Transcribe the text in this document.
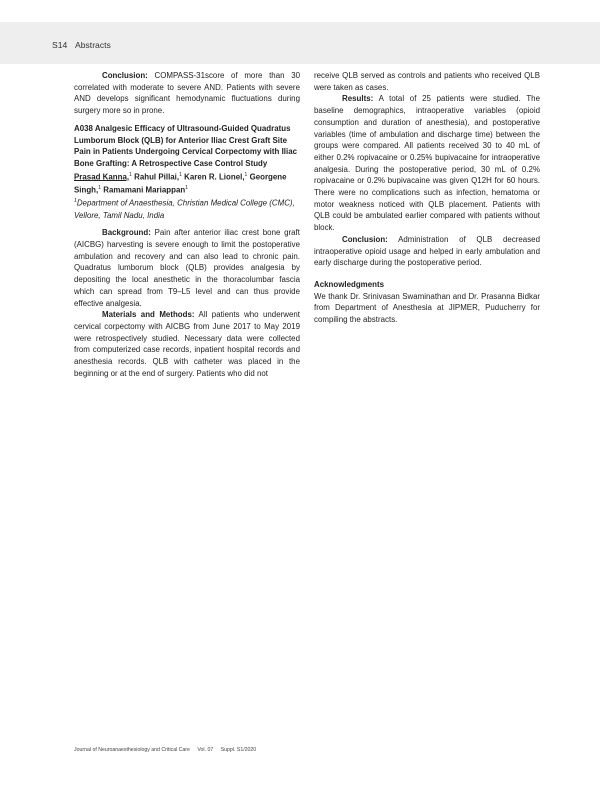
S14 Abstracts

Conclusion: COMPASS-31score of more than 30 correlated with moderate to severe AND. Patients with severe AND develops significant hemodynamic fluctuations during surgery more so in prone.

A038 Analgesic Efficacy of Ultrasound-Guided Quadratus Lumborum Block (QLB) for Anterior Iliac Crest Graft Site Pain in Patients Undergoing Cervical Corpectomy with Iliac Bone Grafting: A Retrospective Case Control Study

Prasad Kanna,$^1$ Rahul Pillai,$^1$ Karen R. Lionel,$^1$ Georgene Singh,$^1$ Ramamani Mariappan$^1$

$^1$Department of Anaesthesia, Christian Medical College (CMC), Vellore, Tamil Nadu, India

Background: Pain after anterior iliac crest bone graft (AICBG) harvesting is severe enough to limit the postoperative ambulation and recovery and can also lead to chronic pain. Quadratus lumborum block (QLB) provides analgesia by depositing the local anesthetic in the thoracolumbar fascia which can spread from T9–L5 level and can thus provide effective analgesia.

Materials and Methods: All patients who underwent cervical corpectomy with AICBG from June 2017 to May 2019 were retrospectively studied. Necessary data were collected from computerized case records, inpatient hospital records and anesthesia records. QLB with catheter was placed in the beginning or at the end of surgery. Patients who did not

receive QLB served as controls and patients who received QLB were taken as cases.

Results: A total of 25 patients were studied. The baseline demographics, intraoperative variables (opioid consumption and duration of anesthesia), and postoperative variables (time of ambulation and discharge time) between the groups were compared. All patients received 30 to 40 mL of either 0.2% ropivacaine or 0.25% bupivacaine for intraoperative analgesia. During the postoperative period, 30 mL of 0.2% ropivacaine or 0.2% bupivacaine was given Q12H for 60 hours. There were no complications such as infection, hematoma or motor weakness noticed with QLB placement. Patients with QLB could be ambulated earlier compared with patients without block.

Conclusion: Administration of QLB decreased intraoperative opioid usage and helped in early ambulation and early discharge during the postoperative period.

Acknowledgments

We thank Dr. Srinivasan Swaminathan and Dr. Prasanna Bidkar from Department of Anesthesia at JIPMER, Puducherry for compiling the abstracts.

Journal of Neuroanaesthesiology and Critical Care Vol. 07 Suppl. S1/2020
